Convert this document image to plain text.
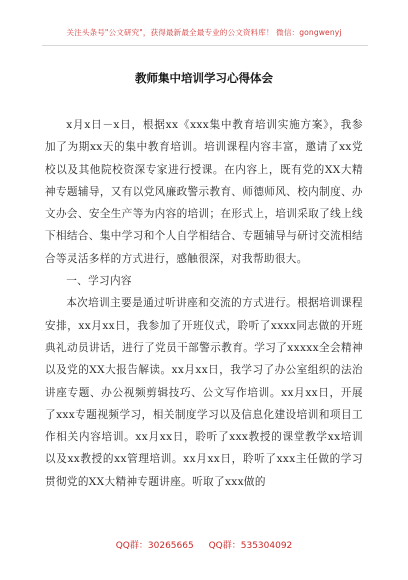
关注头条号"公文研究"，获得最新最全最专业的公文资料库！ 微信：gongwenyj
教师集中培训学习心得体会

x月x日－x日，根据xx《xxx集中教育培训实施方案》，我参加了为期xx天的集中教育培训。培训课程内容丰富，邀请了xx党校以及其他院校资深专家进行授课。在内容上，既有党的XX大精神专题辅导，又有以党风廉政警示教育、师德师风、校内制度、办文办会、安全生产等为内容的培训；在形式上，培训采取了线上线下相结合、集中学习和个人自学相结合、专题辅导与研讨交流相结合等灵活多样的方式进行，感触很深，对我帮助很大。

一、学习内容

本次培训主要是通过听讲座和交流的方式进行。根据培训课程安排，xx月xx日，我参加了开班仪式，聆听了xxxx同志做的开班典礼动员讲话，进行了党员干部警示教育。学习了xxxxx全会精神以及党的XX大报告解读。xx月xx日，我学习了办公室组织的法治讲座专题、办公视频剪辑技巧、公文写作培训。xx月xx日，开展了xxx专题视频学习，相关制度学习以及信息化建设培训和项目工作相关内容培训。xx月xx日，聆听了xxx教授的课堂教学xx培训以及xx教授的xx管理培训。xx月xx日，聆听了xxx主任做的学习贯彻党的XX大精神专题讲座。听取了xxx做的

QQ群：30265665 QQ群：535304092
